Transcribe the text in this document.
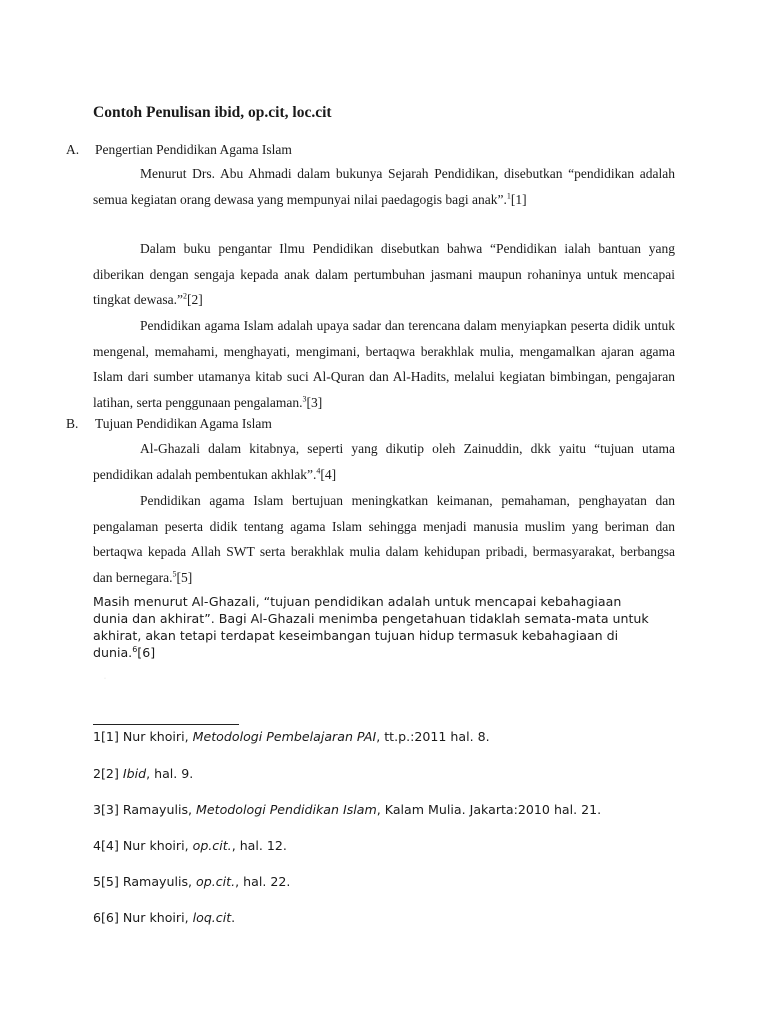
Contoh Penulisan ibid, op.cit, loc.cit
A. Pengertian Pendidikan Agama Islam

Menurut Drs. Abu Ahmadi dalam bukunya Sejarah Pendidikan, disebutkan “pendidikan adalah semua kegiatan orang dewasa yang mempunyai nilai paedagogis bagi anak”.$^1$[1]

Dalam buku pengantar Ilmu Pendidikan disebutkan bahwa “Pendidikan ialah bantuan yang diberikan dengan sengaja kepada anak dalam pertumbuhan jasmani maupun rohaninya untuk mencapai tingkat dewasa.”$^2$[2]

Pendidikan agama Islam adalah upaya sadar dan terencana dalam menyiapkan peserta didik untuk mengenal, memahami, menghayati, mengimani, bertaqwa berakhlak mulia, mengamalkan ajaran agama Islam dari sumber utamanya kitab suci Al-Quran dan Al-Hadits, melalui kegiatan bimbingan, pengajaran latihan, serta penggunaan pengalaman.$^3$[3]

B. Tujuan Pendidikan Agama Islam

Al-Ghazali dalam kitabnya, seperti yang dikutip oleh Zainuddin, dkk yaitu “tujuan utama pendidikan adalah pembentukan akhlak”.$^4$[4]

Pendidikan agama Islam bertujuan meningkatkan keimanan, pemahaman, penghayatan dan pengalaman peserta didik tentang agama Islam sehingga menjadi manusia muslim yang beriman dan bertaqwa kepada Allah SWT serta berakhlak mulia dalam kehidupan pribadi, bermasyarakat, berbangsa dan bernegara.$^5$[5]

Masih menurut Al-Ghazali, “tujuan pendidikan adalah untuk mencapai kebahagiaan dunia dan akhirat”. Bagi Al-Ghazali menimba pengetahuan tidaklah semata-mata untuk akhirat, akan tetapi terdapat keseimbangan tujuan hidup termasuk kebahagiaan di dunia.$^6$[6]

·
1[1] Nur khoiri, Metodologi Pembelajaran PAI, tt.p.:2011 hal. 8.
2[2] Ibid, hal. 9.
3[3] Ramayulis, Metodologi Pendidikan Islam, Kalam Mulia. Jakarta:2010 hal. 21.
4[4] Nur khoiri, op.cit., hal. 12.
5[5] Ramayulis, op.cit., hal. 22.
6[6] Nur khoiri, loq.cit.
